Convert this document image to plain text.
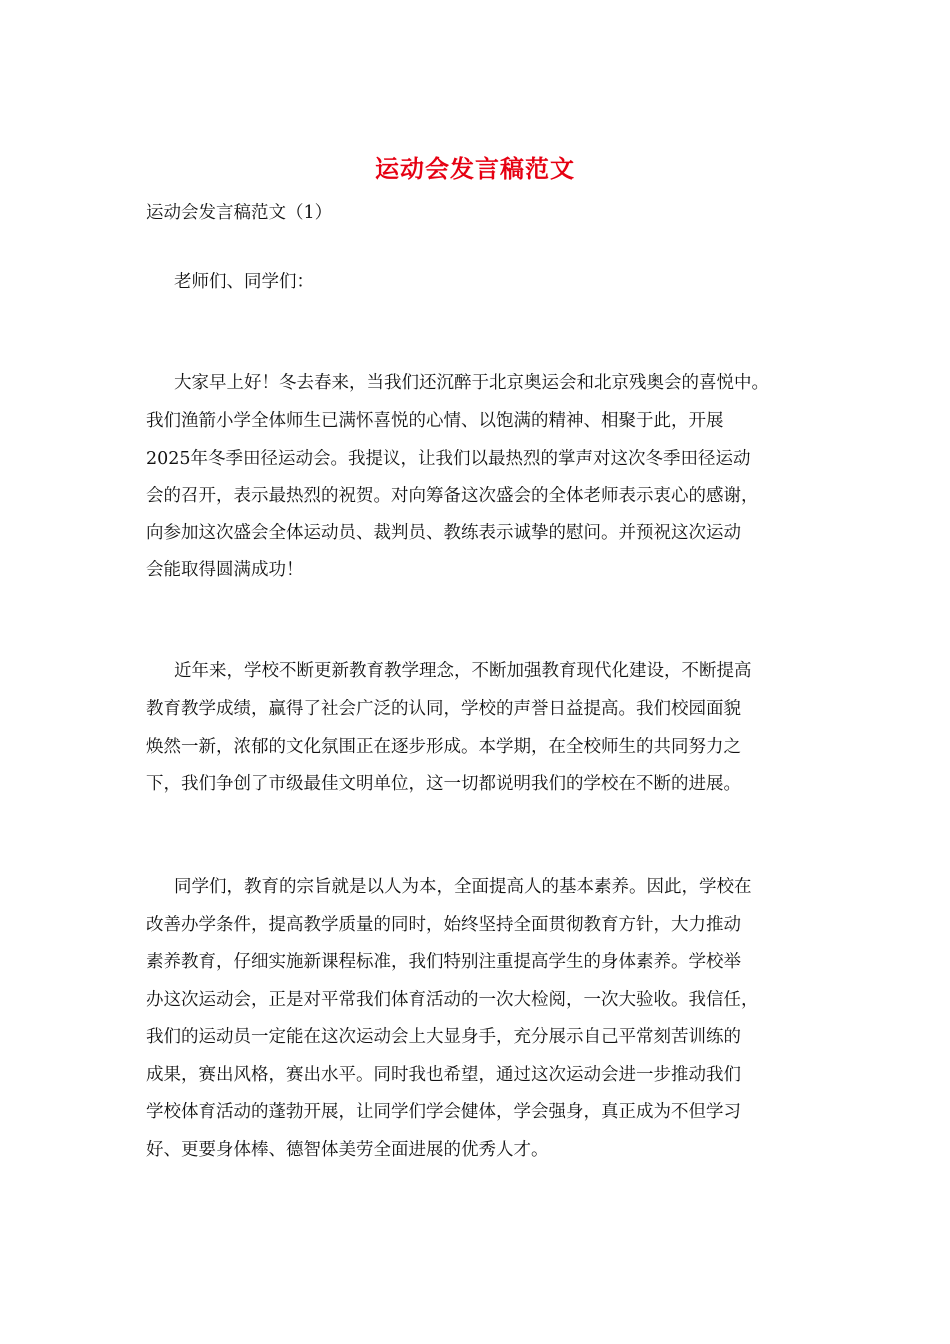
运动会发言稿范文
运动会发言稿范文（1）
老师们、同学们：
大家早上好！冬去春来，当我们还沉醉于北京奥运会和北京残奥会的喜悦中。
我们渔箭小学全体师生已满怀喜悦的心情、以饱满的精神、相聚于此，开展
2025年冬季田径运动会。我提议，让我们以最热烈的掌声对这次冬季田径运动
会的召开，表示最热烈的祝贺。对向筹备这次盛会的全体老师表示衷心的感谢，
向参加这次盛会全体运动员、裁判员、教练表示诚挚的慰问。并预祝这次运动
会能取得圆满成功！
近年来，学校不断更新教育教学理念，不断加强教育现代化建设，不断提高
教育教学成绩，赢得了社会广泛的认同，学校的声誉日益提高。我们校园面貌
焕然一新，浓郁的文化氛围正在逐步形成。本学期，在全校师生的共同努力之
下，我们争创了市级最佳文明单位，这一切都说明我们的学校在不断的进展。
同学们，教育的宗旨就是以人为本，全面提高人的基本素养。因此，学校在
改善办学条件，提高教学质量的同时，始终坚持全面贯彻教育方针，大力推动
素养教育，仔细实施新课程标准，我们特别注重提高学生的身体素养。学校举
办这次运动会，正是对平常我们体育活动的一次大检阅，一次大验收。我信任，
我们的运动员一定能在这次运动会上大显身手，充分展示自己平常刻苦训练的
成果，赛出风格，赛出水平。同时我也希望，通过这次运动会进一步推动我们
学校体育活动的蓬勃开展，让同学们学会健体，学会强身，真正成为不但学习
好、更要身体棒、德智体美劳全面进展的优秀人才。
